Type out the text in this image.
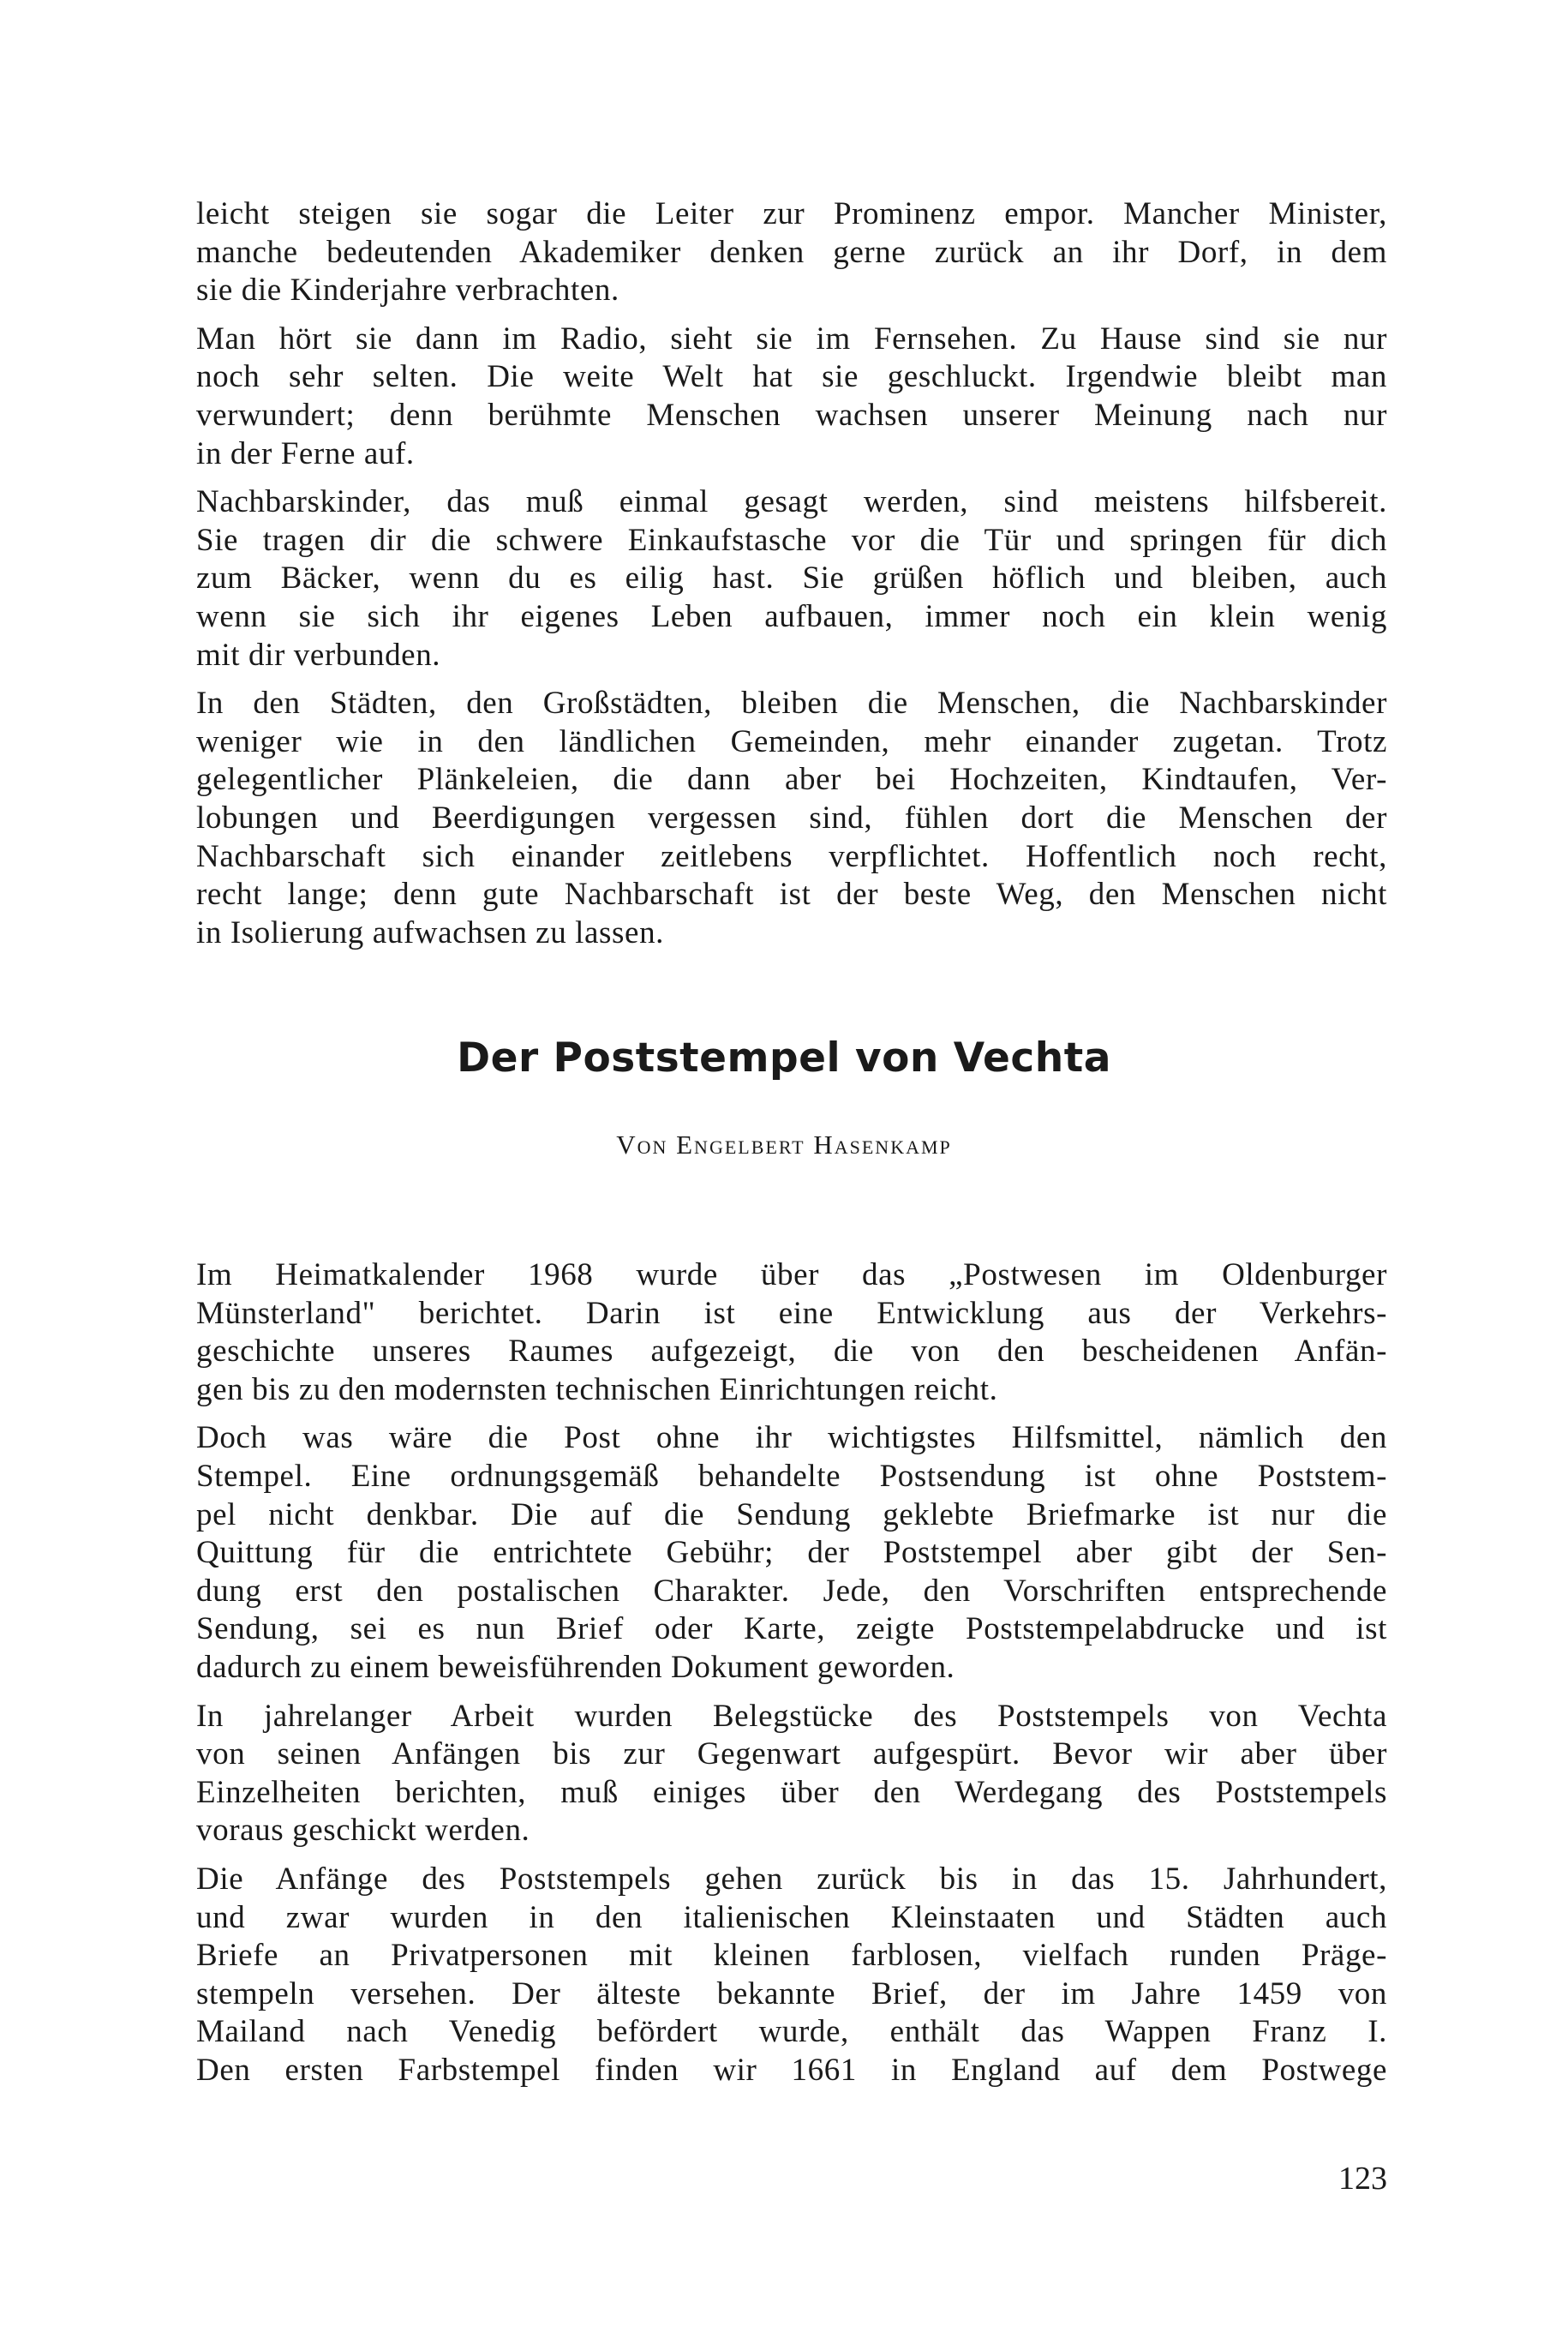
leicht steigen sie sogar die Leiter zur Prominenz empor. Mancher Minister,
manche bedeutenden Akademiker denken gerne zurück an ihr Dorf, in dem
sie die Kinderjahre verbrachten.
Man hört sie dann im Radio, sieht sie im Fernsehen. Zu Hause sind sie nur
noch sehr selten. Die weite Welt hat sie geschluckt. Irgendwie bleibt man
verwundert; denn berühmte Menschen wachsen unserer Meinung nach nur
in der Ferne auf.
Nachbarskinder, das muß einmal gesagt werden, sind meistens hilfsbereit.
Sie tragen dir die schwere Einkaufstasche vor die Tür und springen für dich
zum Bäcker, wenn du es eilig hast. Sie grüßen höflich und bleiben, auch
wenn sie sich ihr eigenes Leben aufbauen, immer noch ein klein wenig
mit dir verbunden.
In den Städten, den Großstädten, bleiben die Menschen, die Nachbarskinder
weniger wie in den ländlichen Gemeinden, mehr einander zugetan. Trotz
gelegentlicher Plänkeleien, die dann aber bei Hochzeiten, Kindtaufen, Ver-
lobungen und Beerdigungen vergessen sind, fühlen dort die Menschen der
Nachbarschaft sich einander zeitlebens verpflichtet. Hoffentlich noch recht,
recht lange; denn gute Nachbarschaft ist der beste Weg, den Menschen nicht
in Isolierung aufwachsen zu lassen.
Der Poststempel von Vechta

Von Engelbert Hasenkamp

Im Heimatkalender 1968 wurde über das „Postwesen im Oldenburger
Münsterland" berichtet. Darin ist eine Entwicklung aus der Verkehrs-
geschichte unseres Raumes aufgezeigt, die von den bescheidenen Anfän-
gen bis zu den modernsten technischen Einrichtungen reicht.
Doch was wäre die Post ohne ihr wichtigstes Hilfsmittel, nämlich den
Stempel. Eine ordnungsgemäß behandelte Postsendung ist ohne Poststem-
pel nicht denkbar. Die auf die Sendung geklebte Briefmarke ist nur die
Quittung für die entrichtete Gebühr; der Poststempel aber gibt der Sen-
dung erst den postalischen Charakter. Jede, den Vorschriften entsprechende
Sendung, sei es nun Brief oder Karte, zeigte Poststempelabdrucke und ist
dadurch zu einem beweisführenden Dokument geworden.
In jahrelanger Arbeit wurden Belegstücke des Poststempels von Vechta
von seinen Anfängen bis zur Gegenwart aufgespürt. Bevor wir aber über
Einzelheiten berichten, muß einiges über den Werdegang des Poststempels
voraus geschickt werden.
Die Anfänge des Poststempels gehen zurück bis in das 15. Jahrhundert,
und zwar wurden in den italienischen Kleinstaaten und Städten auch
Briefe an Privatpersonen mit kleinen farblosen, vielfach runden Präge-
stempeln versehen. Der älteste bekannte Brief, der im Jahre 1459 von
Mailand nach Venedig befördert wurde, enthält das Wappen Franz I.
Den ersten Farbstempel finden wir 1661 in England auf dem Postwege

123
